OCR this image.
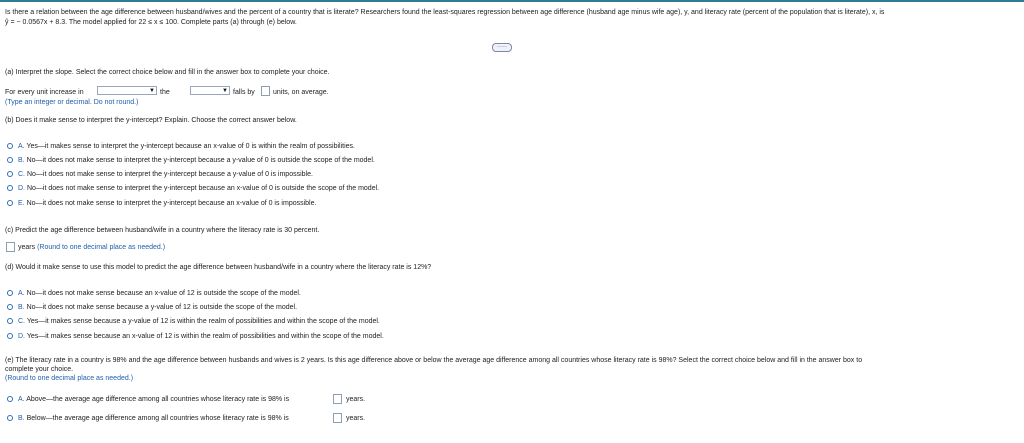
Is there a relation between the age difference between husband/wives and the percent of a country that is literate? Researchers found the least-squares regression between age difference (husband age minus wife age), y, and literacy rate (percent of the population that is literate), x, is
ŷ = − 0.0567x + 8.3. The model applied for 22 ≤ x ≤ 100. Complete parts (a) through (e) below.
·····
(a) Interpret the slope. Select the correct choice below and fill in the answer box to complete your choice.
For every unit increase in	▼ the	▼ falls by	units, on average.
(Type an integer or decimal. Do not round.)
(b) Does it make sense to interpret the y-intercept? Explain. Choose the correct answer below.
A. Yes—it makes sense to interpret the y-intercept because an x-value of 0 is within the realm of possibilities.
B. No—it does not make sense to interpret the y-intercept because a y-value of 0 is outside the scope of the model.
C. No—it does not make sense to interpret the y-intercept because a y-value of 0 is impossible.
D. No—it does not make sense to interpret the y-intercept because an x-value of 0 is outside the scope of the model.
E. No—it does not make sense to interpret the y-intercept because an x-value of 0 is impossible.
(c) Predict the age difference between husband/wife in a country where the literacy rate is 30 percent.
years (Round to one decimal place as needed.)
(d) Would it make sense to use this model to predict the age difference between husband/wife in a country where the literacy rate is 12%?
A. No—it does not make sense because an x-value of 12 is outside the scope of the model.
B. No—it does not make sense because a y-value of 12 is outside the scope of the model.
C. Yes—it makes sense because a y-value of 12 is within the realm of possibilities and within the scope of the model.
D. Yes—it makes sense because an x-value of 12 is within the realm of possibilities and within the scope of the model.
(e) The literacy rate in a country is 98% and the age difference between husbands and wives is 2 years. Is this age difference above or below the average age difference among all countries whose literacy rate is 98%? Select the correct choice below and fill in the answer box to
complete your choice.
(Round to one decimal place as needed.)
A. Above—the average age difference among all countries whose literacy rate is 98% is	years.
B. Below—the average age difference among all countries whose literacy rate is 98% is	years.
